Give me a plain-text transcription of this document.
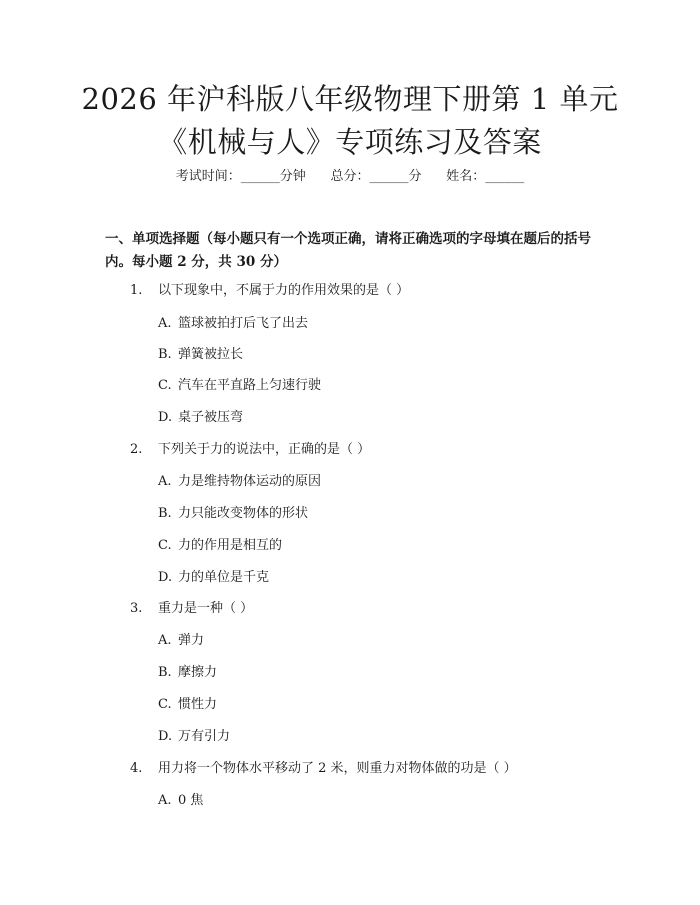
2026 年沪科版八年级物理下册第 1 单元《机械与人》专项练习及答案
考试时间：______分钟      总分：______分      姓名：______
一、单项选择题（每小题只有一个选项正确，请将正确选项的字母填在题后的括号内。每小题 2 分，共 30 分）
1. 以下现象中，不属于力的作用效果的是（ ）
A. 篮球被拍打后飞了出去
B. 弹簧被拉长
C. 汽车在平直路上匀速行驶
D. 桌子被压弯
2. 下列关于力的说法中，正确的是（ ）
A. 力是维持物体运动的原因
B. 力只能改变物体的形状
C. 力的作用是相互的
D. 力的单位是千克
3. 重力是一种（ ）
A. 弹力
B. 摩擦力
C. 惯性力
D. 万有引力
4. 用力将一个物体水平移动了 2 米，则重力对物体做的功是（ ）
A. 0 焦
